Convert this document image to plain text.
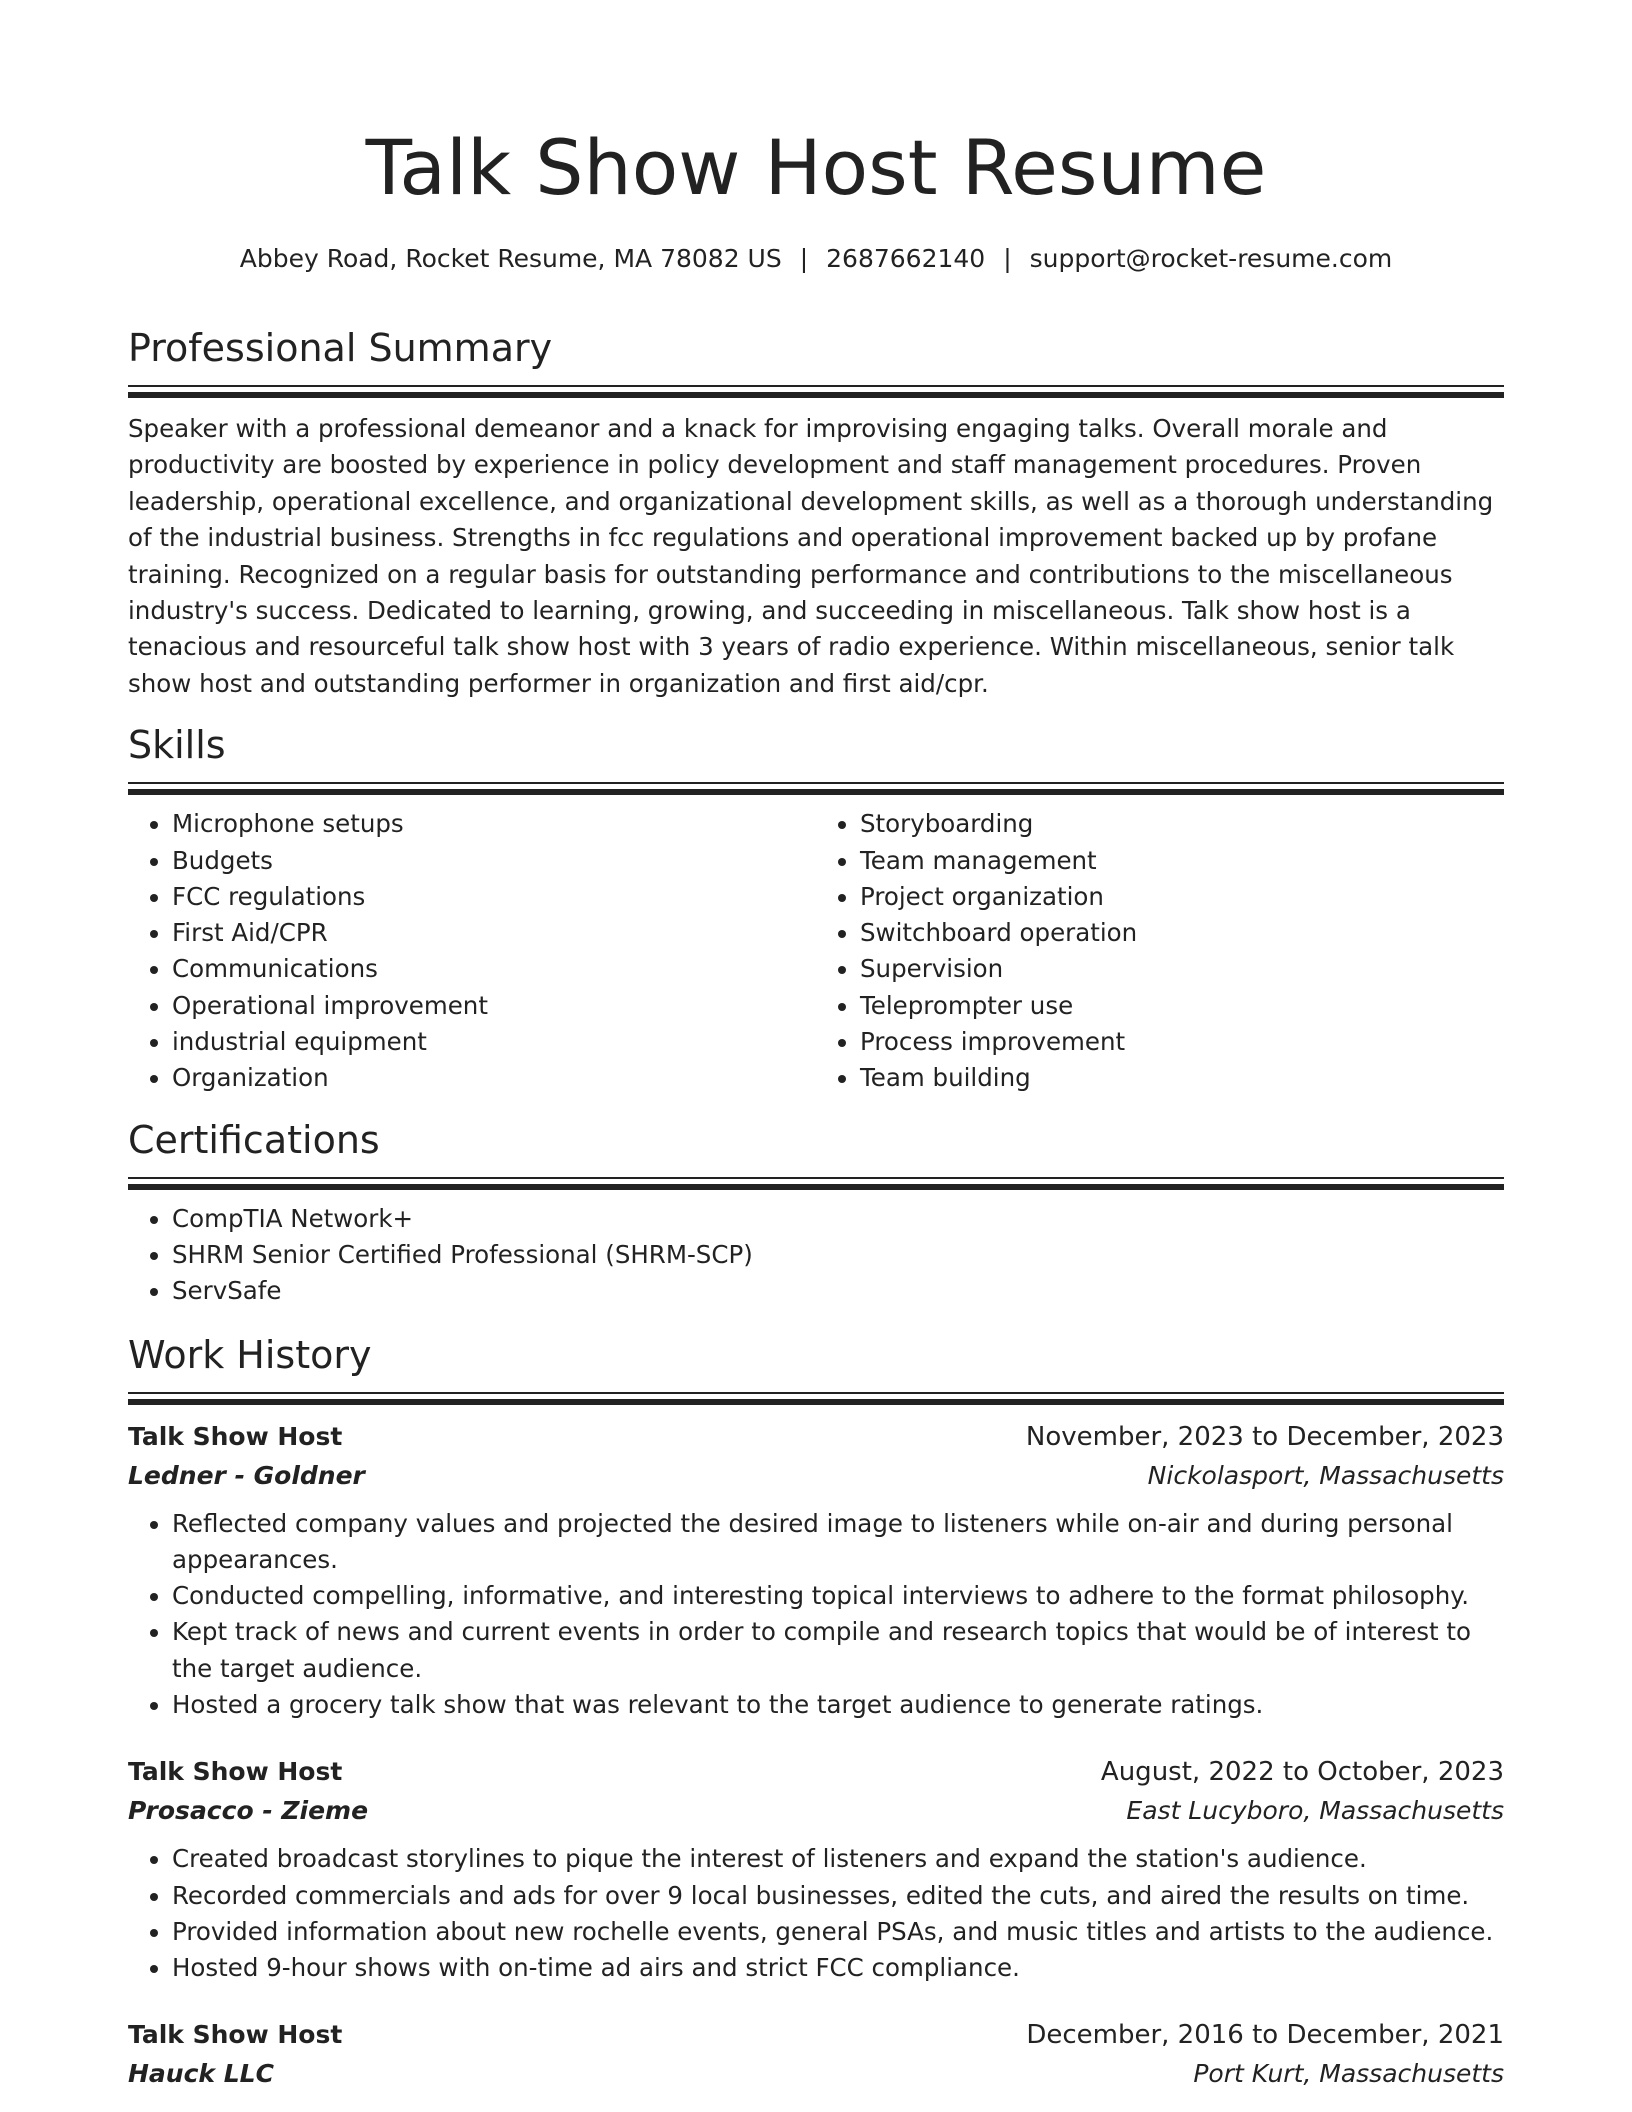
Talk Show Host Resume
Abbey Road, Rocket Resume, MA 78082 US | 2687662140 | support@rocket-resume.com
Professional Summary

Speaker with a professional demeanor and a knack for improvising engaging talks. Overall morale and productivity are boosted by experience in policy development and staff management procedures. Proven leadership, operational excellence, and organizational development skills, as well as a thorough understanding of the industrial business. Strengths in fcc regulations and operational improvement backed up by profane training. Recognized on a regular basis for outstanding performance and contributions to the miscellaneous industry's success. Dedicated to learning, growing, and succeeding in miscellaneous. Talk show host is a tenacious and resourceful talk show host with 3 years of radio experience. Within miscellaneous, senior talk show host and outstanding performer in organization and first aid/cpr.

Skills
• Microphone setups
• Budgets
• FCC regulations
• First Aid/CPR
• Communications
• Operational improvement
• industrial equipment
• Organization
• Storyboarding
• Team management
• Project organization
• Switchboard operation
• Supervision
• Teleprompter use
• Process improvement
• Team building
Certifications
• CompTIA Network+
• SHRM Senior Certified Professional (SHRM-SCP)
• ServSafe
Work History
Talk Show Host	November, 2023 to December, 2023
Ledner - Goldner	Nickolasport, Massachusetts
• Reflected company values and projected the desired image to listeners while on-air and during personal appearances.
• Conducted compelling, informative, and interesting topical interviews to adhere to the format philosophy.
• Kept track of news and current events in order to compile and research topics that would be of interest to the target audience.
• Hosted a grocery talk show that was relevant to the target audience to generate ratings.
Talk Show Host	August, 2022 to October, 2023
Prosacco - Zieme	East Lucyboro, Massachusetts
• Created broadcast storylines to pique the interest of listeners and expand the station's audience.
• Recorded commercials and ads for over 9 local businesses, edited the cuts, and aired the results on time.
• Provided information about new rochelle events, general PSAs, and music titles and artists to the audience.
• Hosted 9-hour shows with on-time ad airs and strict FCC compliance.
Talk Show Host	December, 2016 to December, 2021
Hauck LLC	Port Kurt, Massachusetts
